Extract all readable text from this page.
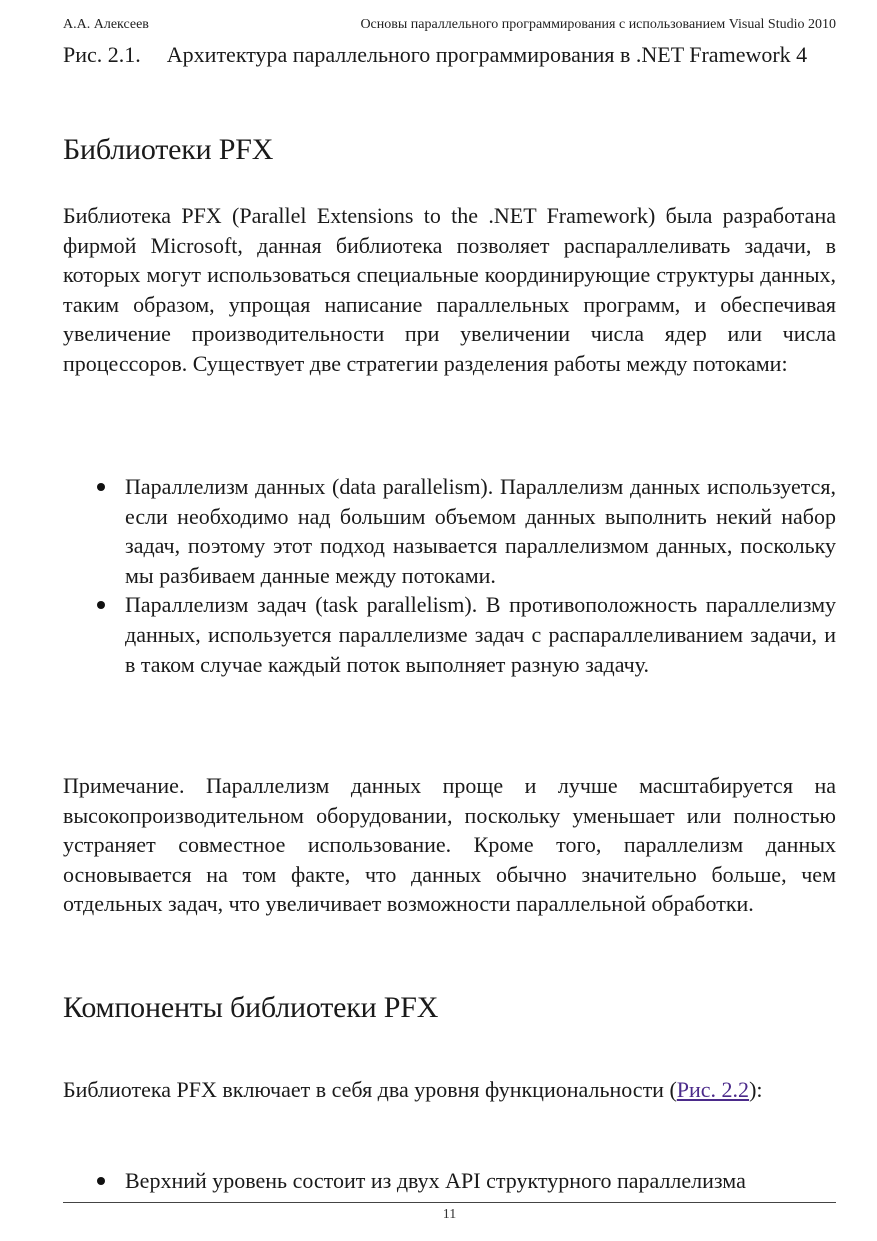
А.А. Алексеев	Основы параллельного программирования с использованием Visual Studio 2010
Рис. 2.1. Архитектура параллельного программирования в .NET Framework 4
Библиотеки PFX

Библиотека PFX (Parallel Extensions to the .NET Framework) была разработана фирмой Microsoft, данная библиотека позволяет распараллеливать задачи, в которых могут использоваться специальные координирующие структуры данных, таким образом, упрощая написание параллельных программ, и обеспечивая увеличение производительности при увеличении числа ядер или числа процессоров. Существует две стратегии разделения работы между потоками:

Параллелизм данных (data parallelism). Параллелизм данных используется, если необходимо над большим объемом данных выполнить некий набор задач, поэтому этот подход называется параллелизмом данных, поскольку мы разбиваем данные между потоками.
Параллелизм задач (task parallelism). В противоположность параллелизму данных, используется параллелизме задач с распараллеливанием задачи, и в таком случае каждый поток выполняет разную задачу.

Примечание. Параллелизм данных проще и лучше масштабируется на высокопроизводительном оборудовании, поскольку уменьшает или полностью устраняет совместное использование. Кроме того, параллелизм данных основывается на том факте, что данных обычно значительно больше, чем отдельных задач, что увеличивает возможности параллельной обработки.

Компоненты библиотеки PFX

Библиотека PFX включает в себя два уровня функциональности (Рис. 2.2):

Верхний уровень состоит из двух API структурного параллелизма
11
